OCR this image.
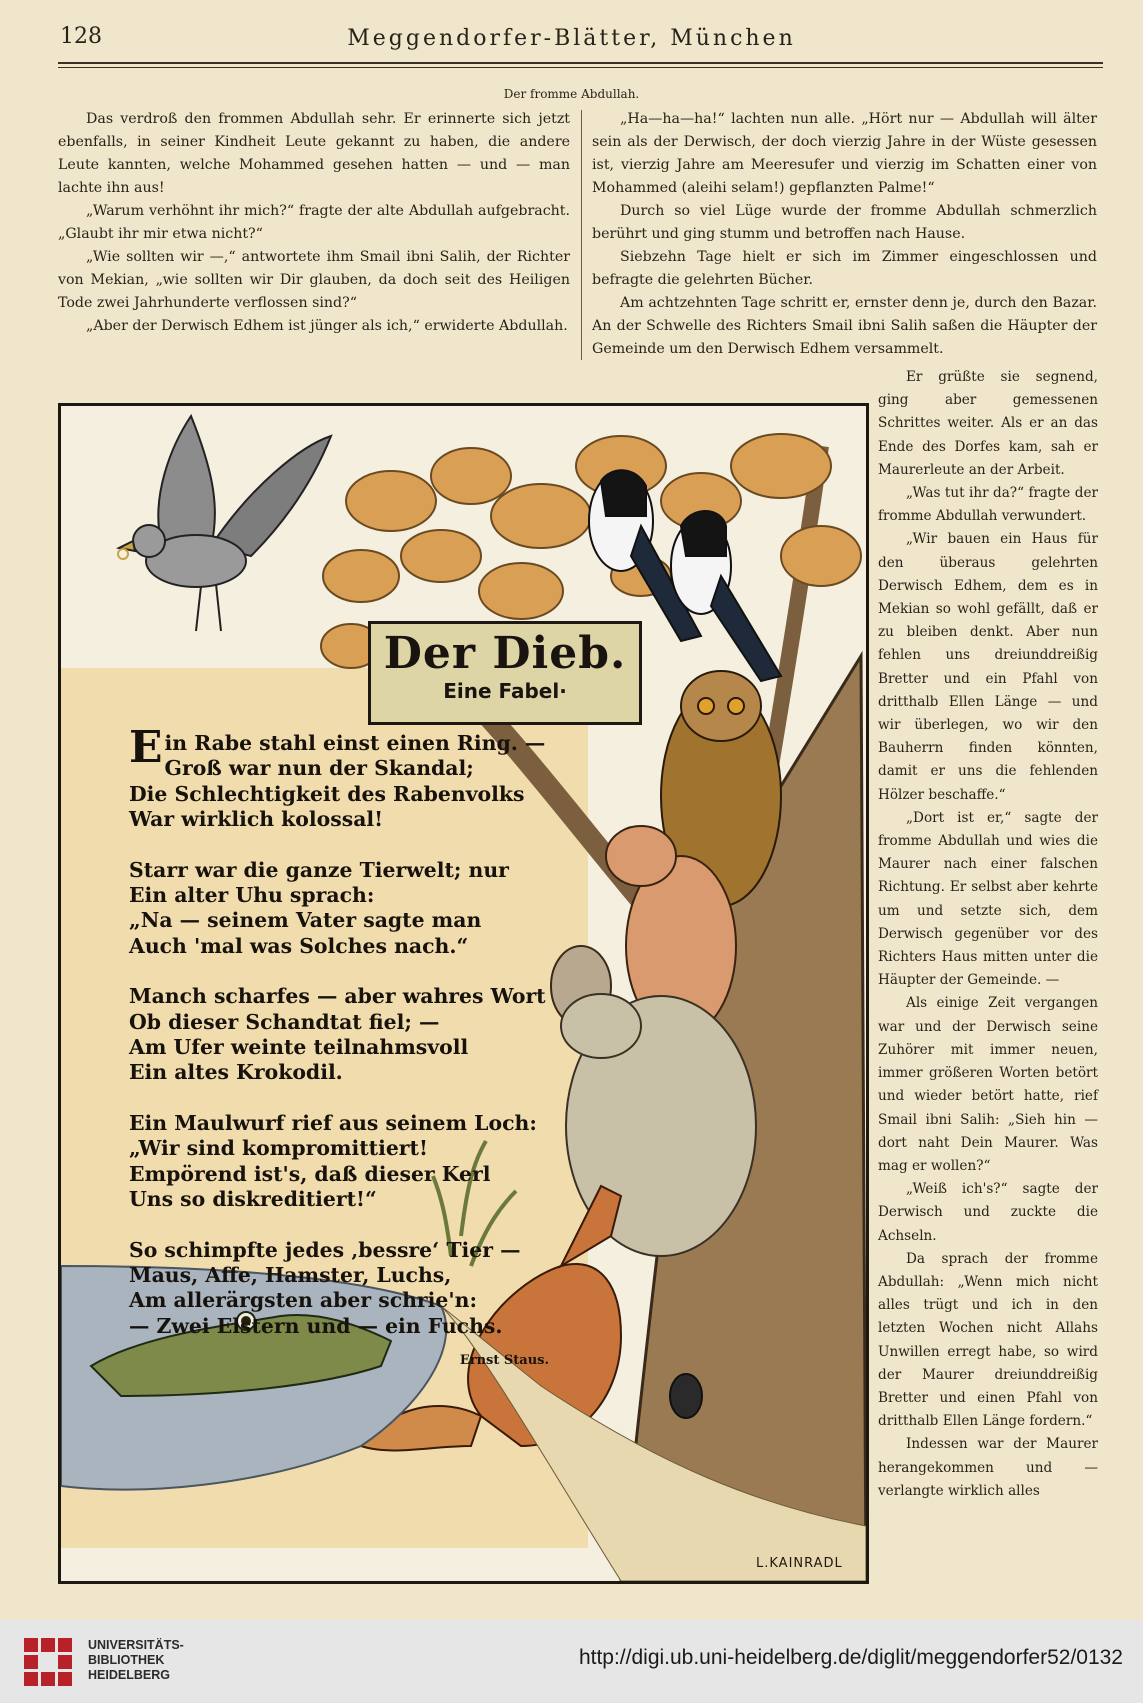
128	Meggendorfer-Blätter, München
Der fromme Abdullah.

Das verdroß den frommen Abdullah sehr. Er erinnerte sich jetzt ebenfalls, in seiner Kindheit Leute gekannt zu haben, die andere Leute kannten, welche Mohammed gesehen hatten — und — man lachte ihn aus!

„Warum verhöhnt ihr mich?“ fragte der alte Abdullah aufgebracht. „Glaubt ihr mir etwa nicht?“

„Wie sollten wir —,“ antwortete ihm Smail ibni Salih, der Richter von Mekian, „wie sollten wir Dir glauben, da doch seit des Heiligen Tode zwei Jahrhunderte verflossen sind?“

„Aber der Derwisch Edhem ist jünger als ich,“ erwiderte Abdullah.

„Ha—ha—ha!“ lachten nun alle. „Hört nur — Abdullah will älter sein als der Derwisch, der doch vierzig Jahre in der Wüste gesessen ist, vierzig Jahre am Meeresufer und vierzig im Schatten einer von Mohammed (aleihi selam!) gepflanzten Palme!“

Durch so viel Lüge wurde der fromme Abdullah schmerzlich berührt und ging stumm und betroffen nach Hause.

Siebzehn Tage hielt er sich im Zimmer eingeschlossen und befragte die gelehrten Bücher.

Am achtzehnten Tage schritt er, ernster denn je, durch den Bazar. An der Schwelle des Richters Smail ibni Salih saßen die Häupter der Gemeinde um den Derwisch Edhem versammelt.

Er grüßte sie segnend, ging aber gemessenen Schrittes weiter. Als er an das Ende des Dorfes kam, sah er Maurerleute an der Arbeit.

„Was tut ihr da?“ fragte der fromme Abdullah verwundert.

„Wir bauen ein Haus für den überaus gelehrten Derwisch Edhem, dem es in Mekian so wohl gefällt, daß er zu bleiben denkt. Aber nun fehlen uns dreiunddreißig Bretter und ein Pfahl von dritthalb Ellen Länge — und wir überlegen, wo wir den Bauherrn finden könnten, damit er uns die fehlenden Hölzer beschaffe.“

„Dort ist er,“ sagte der fromme Abdullah und wies die Maurer nach einer falschen Richtung. Er selbst aber kehrte um und setzte sich, dem Derwisch gegenüber vor des Richters Haus mitten unter die Häupter der Gemeinde. —

Als einige Zeit vergangen war und der Derwisch seine Zuhörer mit immer neuen, immer größeren Worten betört und wieder betört hatte, rief Smail ibni Salih: „Sieh hin — dort naht Dein Maurer. Was mag er wollen?“

„Weiß ich's?“ sagte der Derwisch und zuckte die Achseln.

Da sprach der fromme Abdullah: „Wenn mich nicht alles trügt und ich in den letzten Wochen nicht Allahs Unwillen erregt habe, so wird der Maurer dreiunddreißig Bretter und einen Pfahl von dritthalb Ellen Länge fordern.“

Indessen war der Maurer herangekommen und — verlangte wirklich alles

Der Dieb.
Eine Fabel·
Ein Rabe stahl einst einen Ring. —
Groß war nun der Skandal;
Die Schlechtigkeit des Rabenvolks
War wirklich kolossal!
Starr war die ganze Tierwelt; nur
Ein alter Uhu sprach:
„Na — seinem Vater sagte man
Auch 'mal was Solches nach.“
Manch scharfes — aber wahres Wort
Ob dieser Schandtat fiel; —
Am Ufer weinte teilnahmsvoll
Ein altes Krokodil.
Ein Maulwurf rief aus seinem Loch:
„Wir sind kompromittiert!
Empörend ist's, daß dieser Kerl
Uns so diskreditiert!“
So schimpfte jedes ‚bessre‘ Tier —
Maus, Affe, Hamster, Luchs,
Am allerärgsten aber schrie'n:
— Zwei Elstern und — ein Fuchs.
Ernst Staus.
L.KAINRADL
UNIVERSITÄTS-
BIBLIOTHEK
HEIDELBERG
http://digi.ub.uni-heidelberg.de/diglit/meggendorfer52/0132
